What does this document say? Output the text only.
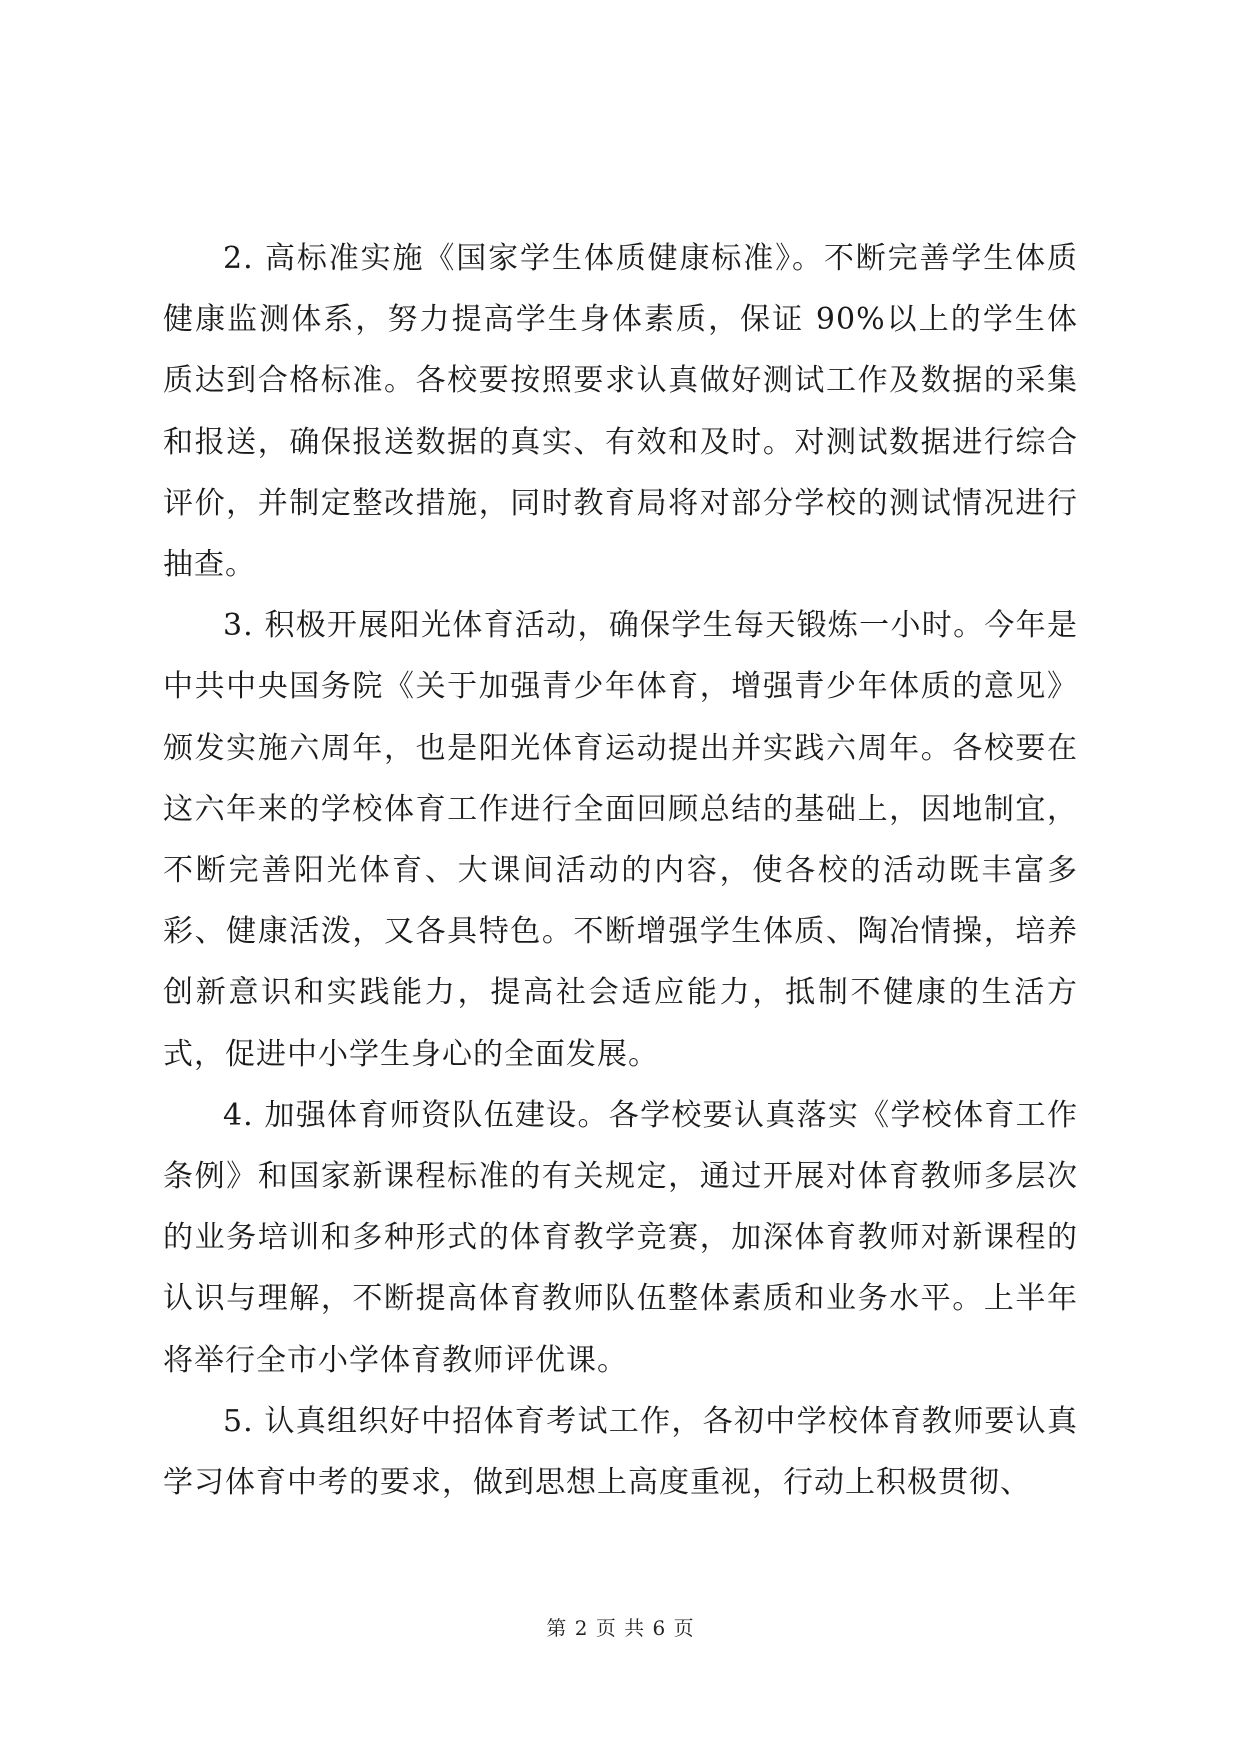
2. 高标准实施《国家学生体质健康标准》。不断完善学生体质健康监测体系，努力提高学生身体素质，保证 90%以上的学生体质达到合格标准。各校要按照要求认真做好测试工作及数据的采集和报送，确保报送数据的真实、有效和及时。对测试数据进行综合评价，并制定整改措施，同时教育局将对部分学校的测试情况进行抽查。

3. 积极开展阳光体育活动，确保学生每天锻炼一小时。今年是中共中央国务院《关于加强青少年体育，增强青少年体质的意见》颁发实施六周年，也是阳光体育运动提出并实践六周年。各校要在这六年来的学校体育工作进行全面回顾总结的基础上，因地制宜，不断完善阳光体育、大课间活动的内容，使各校的活动既丰富多彩、健康活泼，又各具特色。不断增强学生体质、陶冶情操，培养创新意识和实践能力，提高社会适应能力，抵制不健康的生活方式，促进中小学生身心的全面发展。

4. 加强体育师资队伍建设。各学校要认真落实《学校体育工作条例》和国家新课程标准的有关规定，通过开展对体育教师多层次的业务培训和多种形式的体育教学竞赛，加深体育教师对新课程的认识与理解，不断提高体育教师队伍整体素质和业务水平。上半年将举行全市小学体育教师评优课。

5. 认真组织好中招体育考试工作，各初中学校体育教师要认真学习体育中考的要求，做到思想上高度重视，行动上积极贯彻、

第 2 页 共 6 页
